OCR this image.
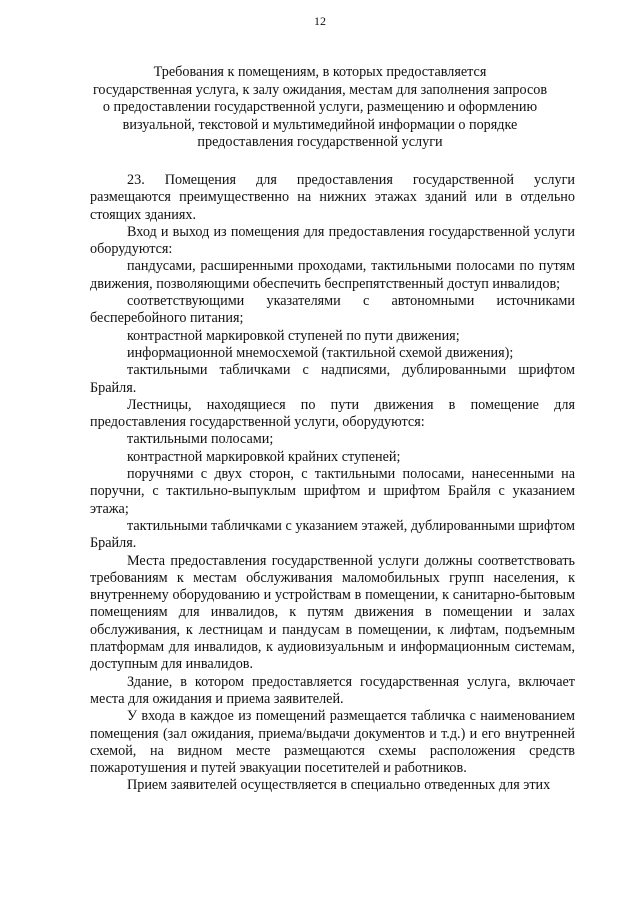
12
Требования к помещениям, в которых предоставляется
государственная услуга, к залу ожидания, местам для заполнения запросов
о предоставлении государственной услуги, размещению и оформлению
визуальной, текстовой и мультимедийной информации о порядке
предоставления государственной услуги

23. Помещения для предоставления государственной услуги размещаются преимущественно на нижних этажах зданий или в отдельно стоящих зданиях.

Вход и выход из помещения для предоставления государственной услуги оборудуются:

пандусами, расширенными проходами, тактильными полосами по путям движения, позволяющими обеспечить беспрепятственный доступ инвалидов;

соответствующими указателями с автономными источниками бесперебойного питания;

контрастной маркировкой ступеней по пути движения;

информационной мнемосхемой (тактильной схемой движения);

тактильными табличками с надписями, дублированными шрифтом Брайля.

Лестницы, находящиеся по пути движения в помещение для предоставления государственной услуги, оборудуются:

тактильными полосами;

контрастной маркировкой крайних ступеней;

поручнями с двух сторон, с тактильными полосами, нанесенными на поручни, с тактильно-выпуклым шрифтом и шрифтом Брайля с указанием этажа;

тактильными табличками с указанием этажей, дублированными шрифтом Брайля.

Места предоставления государственной услуги должны соответствовать требованиям к местам обслуживания маломобильных групп населения, к внутреннему оборудованию и устройствам в помещении, к санитарно-бытовым помещениям для инвалидов, к путям движения в помещении и залах обслуживания, к лестницам и пандусам в помещении, к лифтам, подъемным платформам для инвалидов, к аудиовизуальным и информационным системам, доступным для инвалидов.

Здание, в котором предоставляется государственная услуга, включает места для ожидания и приема заявителей.

У входа в каждое из помещений размещается табличка с наименованием помещения (зал ожидания, приема/выдачи документов и т.д.) и его внутренней схемой, на видном месте размещаются схемы расположения средств пожаротушения и путей эвакуации посетителей и работников.

Прием заявителей осуществляется в специально отведенных для этих
